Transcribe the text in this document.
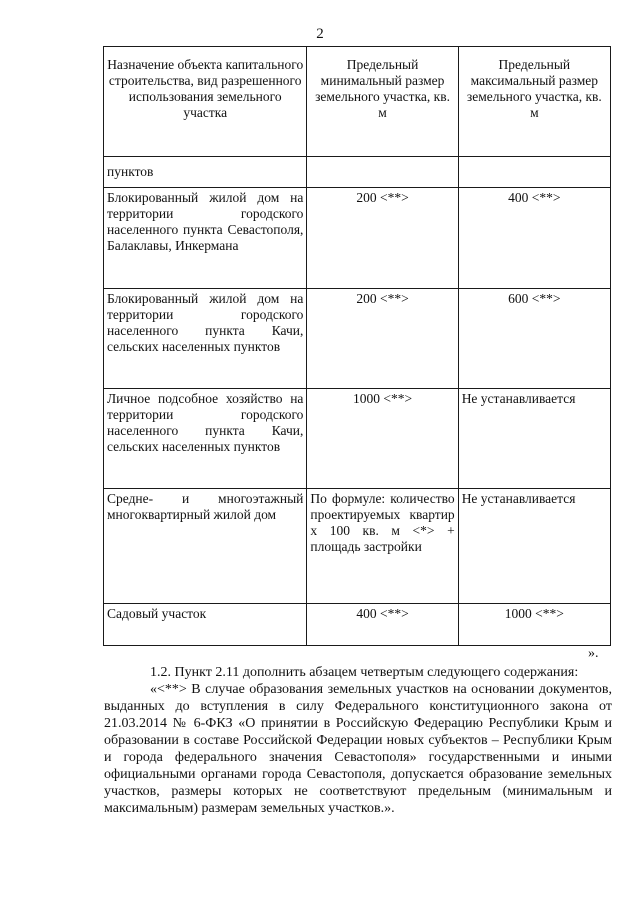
2
Назначение объекта капитального строительства, вид разрешенного использования земельного участка	Предельный минимальный размер земельного участка, кв. м	Предельный максимальный размер земельного участка, кв. м
пунктов		
Блокированный жилой дом на территории городского населенного пункта Севастополя, Балаклавы, Инкермана	200 <**>	400 <**>
Блокированный жилой дом на территории городского населенного пункта Качи, сельских населенных пунктов	200 <**>	600 <**>
Личное подсобное хозяйство на территории городского населенного пункта Качи, сельских населенных пунктов	1000 <**>	Не устанавливается
Средне- и многоэтажный многоквартирный жилой дом	По формуле: количество проектируемых квартир х 100 кв. м <*> + площадь застройки	Не устанавливается
Садовый участок	400 <**>	1000 <**>
».
1.2. Пункт 2.11 дополнить абзацем четвертым следующего содержания:
«<**> В случае образования земельных участков на основании документов, выданных до вступления в силу Федерального конституционного закона от 21.03.2014 № 6-ФКЗ «О принятии в Российскую Федерацию Республики Крым и образовании в составе Российской Федерации новых субъектов – Республики Крым и города федерального значения Севастополя» государственными и иными официальными органами города Севастополя, допускается образование земельных участков, размеры которых не соответствуют предельным (минимальным и максимальным) размерам земельных участков.».
